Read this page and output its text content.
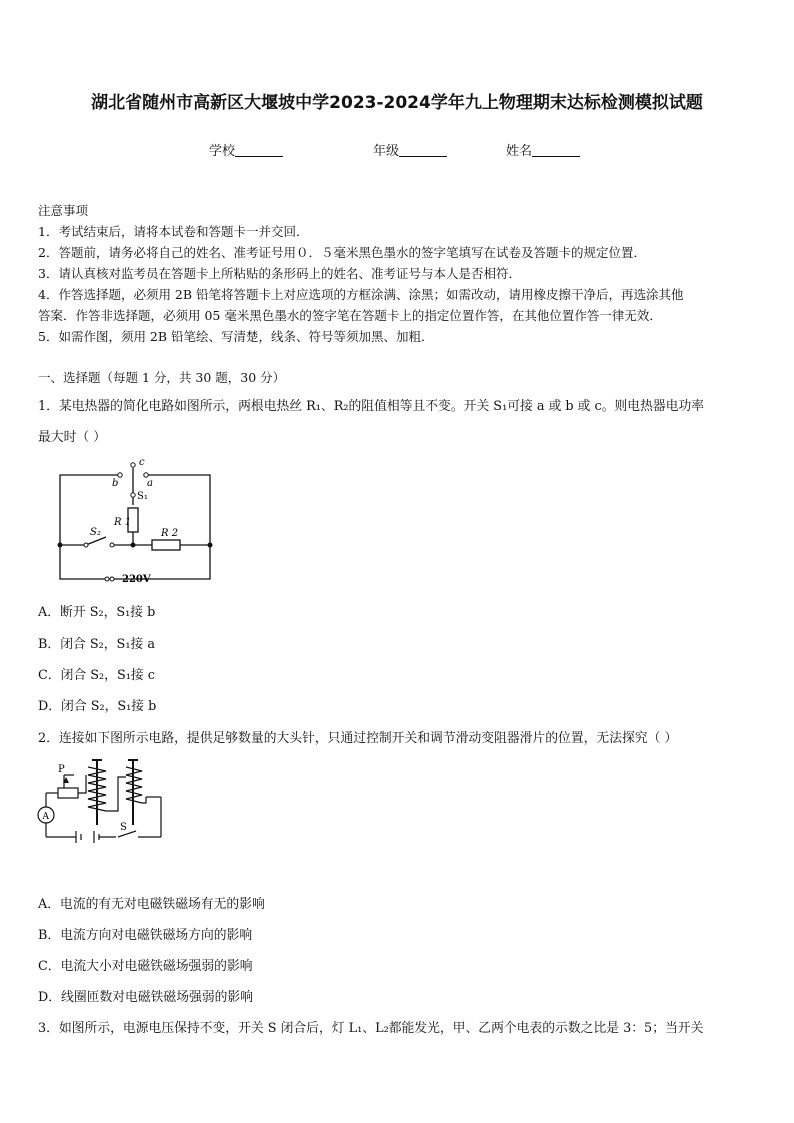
湖北省随州市高新区大堰坡中学2023-2024学年九上物理期末达标检测模拟试题
学校	年级	姓名
注意事项
1．考试结束后，请将本试卷和答题卡一并交回．
2．答题前，请务必将自己的姓名、准考证号用０．５毫米黑色墨水的签字笔填写在试卷及答题卡的规定位置．
3．请认真核对监考员在答题卡上所粘贴的条形码上的姓名、准考证号与本人是否相符．
4．作答选择题，必须用 2B 铅笔将答题卡上对应选项的方框涂满、涂黑；如需改动，请用橡皮擦干净后，再选涂其他
答案．作答非选择题，必须用 05 毫米黑色墨水的签字笔在答题卡上的指定位置作答，在其他位置作答一律无效．
5．如需作图，须用 2B 铅笔绘、写清楚，线条、符号等须加黑、加粗．
一、选择题（每题 1 分，共 30 题，30 分）
1．某电热器的简化电路如图所示，两根电热丝 R₁、R₂的阻值相等且不变。开关 S₁可接 a 或 b 或 c。则电热器电功率
最大时（ ）
c
b	a
S₁
R 1
S₂	R 2
220V
A．断开 S₂，S₁接 b
B．闭合 S₂，S₁接 a
C．闭合 S₂，S₁接 c
D．闭合 S₂，S₁接 b
2．连接如下图所示电路，提供足够数量的大头针，只通过控制开关和调节滑动变阻器滑片的位置，无法探究（ ）
P
A
S
A．电流的有无对电磁铁磁场有无的影响
B．电流方向对电磁铁磁场方向的影响
C．电流大小对电磁铁磁场强弱的影响
D．线圈匝数对电磁铁磁场强弱的影响
3．如图所示，电源电压保持不变，开关 S 闭合后，灯 L₁、L₂都能发光，甲、乙两个电表的示数之比是 3：5；当开关
